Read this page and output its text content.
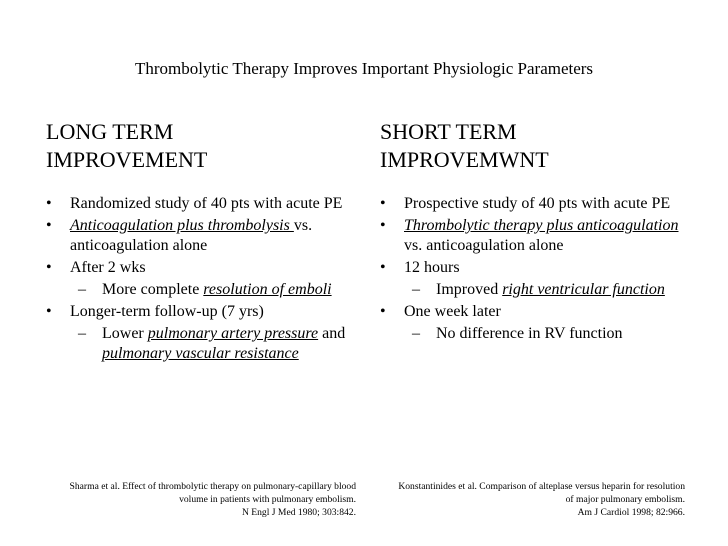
Thrombolytic Therapy Improves Important Physiologic Parameters
LONG TERM
IMPROVEMENT
•	Randomized study of 40 pts with acute PE
•	Anticoagulation plus thrombolysis vs. anticoagulation alone
•	After 2 wks
– More complete resolution of emboli
•	Longer-term follow-up (7 yrs)
– Lower pulmonary artery pressure and pulmonary vascular resistance
SHORT TERM
IMPROVEMWNT
•	Prospective study of 40 pts with acute PE
•	Thrombolytic therapy plus anticoagulation vs. anticoagulation alone
•	12 hours
– Improved right ventricular function
•	One week later
– No difference in RV function
Sharma et al. Effect of thrombolytic therapy on pulmonary-capillary blood
volume in patients with pulmonary embolism.
N Engl J Med 1980; 303:842.
Konstantinides et al. Comparison of alteplase versus heparin for resolution
of major pulmonary embolism.
Am J Cardiol 1998; 82:966.
